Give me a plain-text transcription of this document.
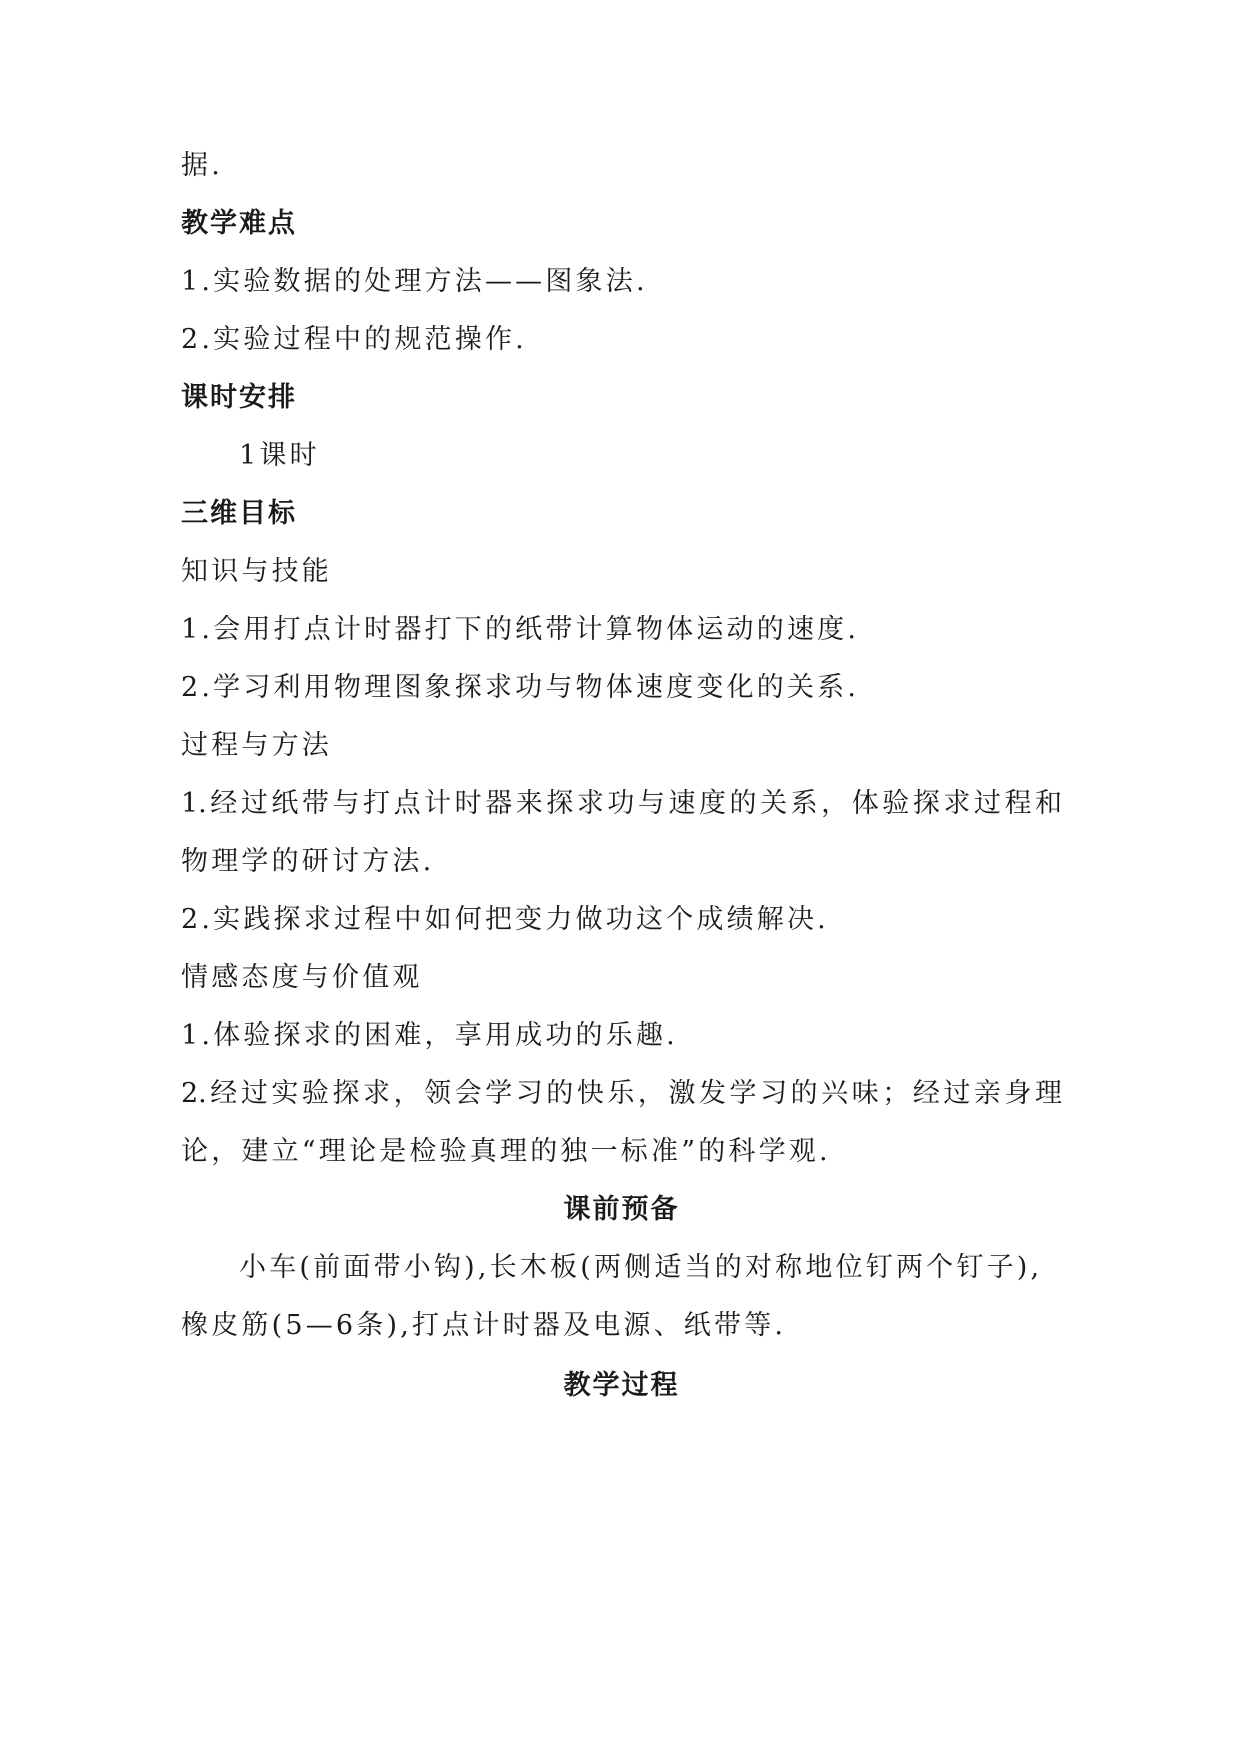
据.
教学难点
1.实验数据的处理方法——图象法.
2.实验过程中的规范操作.
课时安排
1课时
三维目标
知识与技能
1.会用打点计时器打下的纸带计算物体运动的速度.
2.学习利用物理图象探求功与物体速度变化的关系.
过程与方法
1.经过纸带与打点计时器来探求功与速度的关系，体验探求过程和
物理学的研讨方法.
2.实践探求过程中如何把变力做功这个成绩解决.
情感态度与价值观
1.体验探求的困难，享用成功的乐趣.
2.经过实验探求，领会学习的快乐，激发学习的兴味；经过亲身理
论，建立“理论是检验真理的独一标准”的科学观.
课前预备
小车(前面带小钩),长木板(两侧适当的对称地位钉两个钉子),
橡皮筋(5—6条),打点计时器及电源、纸带等.
教学过程
